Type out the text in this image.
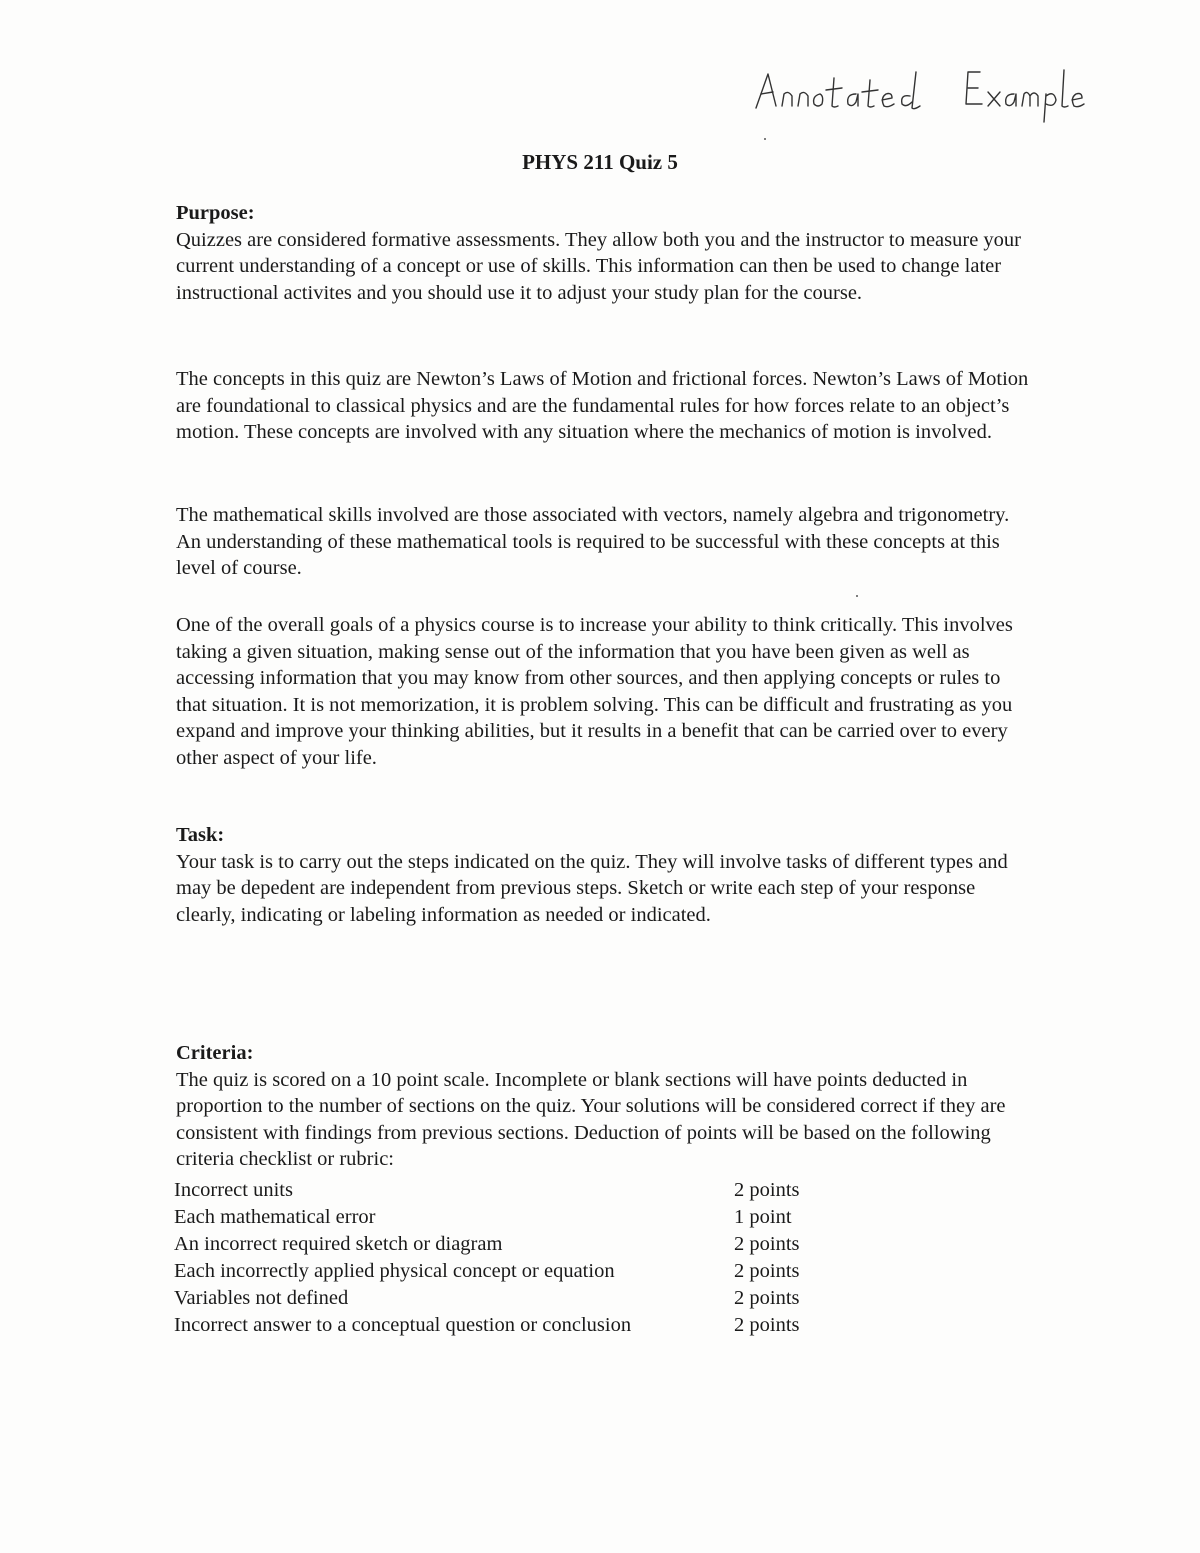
PHYS 211 Quiz 5
Purpose:

Quizzes are considered formative assessments. They allow both you and the instructor to measure your current understanding of a concept or use of skills. This information can then be used to change later instructional activites and you should use it to adjust your study plan for the course.

The concepts in this quiz are Newton’s Laws of Motion and frictional forces. Newton’s Laws of Motion are foundational to classical physics and are the fundamental rules for how forces relate to an object’s motion. These concepts are involved with any situation where the mechanics of motion is involved.

The mathematical skills involved are those associated with vectors, namely algebra and trigonometry. An understanding of these mathematical tools is required to be successful with these concepts at this level of course.

One of the overall goals of a physics course is to increase your ability to think critically. This involves taking a given situation, making sense out of the information that you have been given as well as accessing information that you may know from other sources, and then applying concepts or rules to that situation. It is not memorization, it is problem solving. This can be difficult and frustrating as you expand and improve your thinking abilities, but it results in a benefit that can be carried over to every other aspect of your life.

Task:

Your task is to carry out the steps indicated on the quiz. They will involve tasks of different types and may be depedent are independent from previous steps. Sketch or write each step of your response clearly, indicating or labeling information as needed or indicated.

Criteria:

The quiz is scored on a 10 point scale. Incomplete or blank sections will have points deducted in proportion to the number of sections on the quiz. Your solutions will be considered correct if they are consistent with findings from previous sections. Deduction of points will be based on the following criteria checklist or rubric:

Incorrect units	2 points
Each mathematical error	1 point
An incorrect required sketch or diagram	2 points
Each incorrectly applied physical concept or equation	2 points
Variables not defined	2 points
Incorrect answer to a conceptual question or conclusion	2 points
